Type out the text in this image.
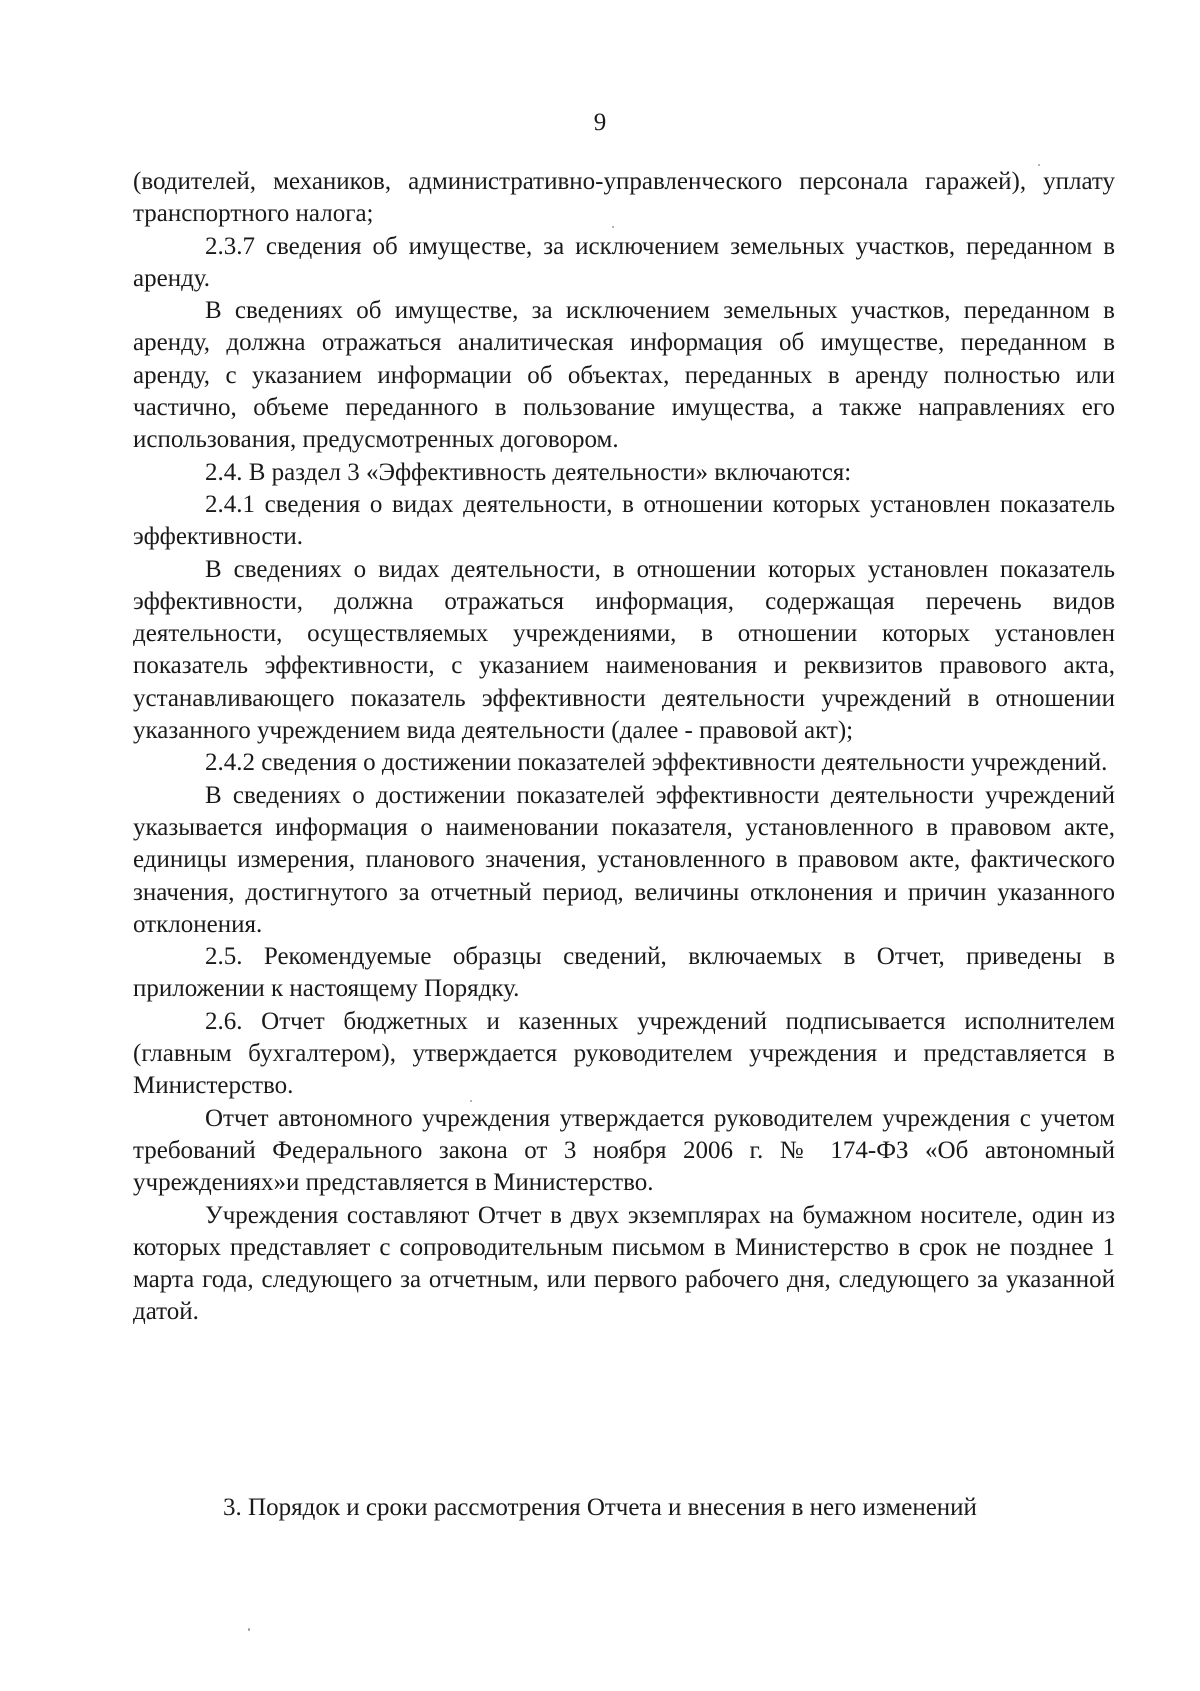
9

(водителей, механиков, административно-управленческого персонала гаражей), уплату транспортного налога;

2.3.7 сведения об имуществе, за исключением земельных участков, переданном в аренду.

В сведениях об имуществе, за исключением земельных участков, переданном в аренду, должна отражаться аналитическая информация об имуществе, переданном в аренду, с указанием информации об объектах, переданных в аренду полностью или частично, объеме переданного в пользование имущества, а также направлениях его использования, предусмотренных договором.

2.4. В раздел 3 «Эффективность деятельности» включаются:

2.4.1 сведения о видах деятельности, в отношении которых установлен показатель эффективности.

В сведениях о видах деятельности, в отношении которых установлен показатель эффективности, должна отражаться информация, содержащая перечень видов деятельности, осуществляемых учреждениями, в отношении которых установлен показатель эффективности, с указанием наименования и реквизитов правового акта, устанавливающего показатель эффективности деятельности учреждений в отношении указанного учреждением вида деятельности (далее - правовой акт);

2.4.2 сведения о достижении показателей эффективности деятельности учреждений.

В сведениях о достижении показателей эффективности деятельности учреждений указывается информация о наименовании показателя, установленного в правовом акте, единицы измерения, планового значения, установленного в правовом акте, фактического значения, достигнутого за отчетный период, величины отклонения и причин указанного отклонения.

2.5. Рекомендуемые образцы сведений, включаемых в Отчет, приведены в приложении к настоящему Порядку.

2.6. Отчет бюджетных и казенных учреждений подписывается исполнителем (главным бухгалтером), утверждается руководителем учреждения и представляется в Министерство.

Отчет автономного учреждения утверждается руководителем учреждения с учетом требований Федерального закона от 3 ноября 2006 г. № 174-ФЗ «Об автономный учреждениях»и представляется в Министерство.

Учреждения составляют Отчет в двух экземплярах на бумажном носителе, один из которых представляет с сопроводительным письмом в Министерство в срок не позднее 1 марта года, следующего за отчетным, или первого рабочего дня, следующего за указанной датой.

3. Порядок и сроки рассмотрения Отчета и внесения в него изменений
